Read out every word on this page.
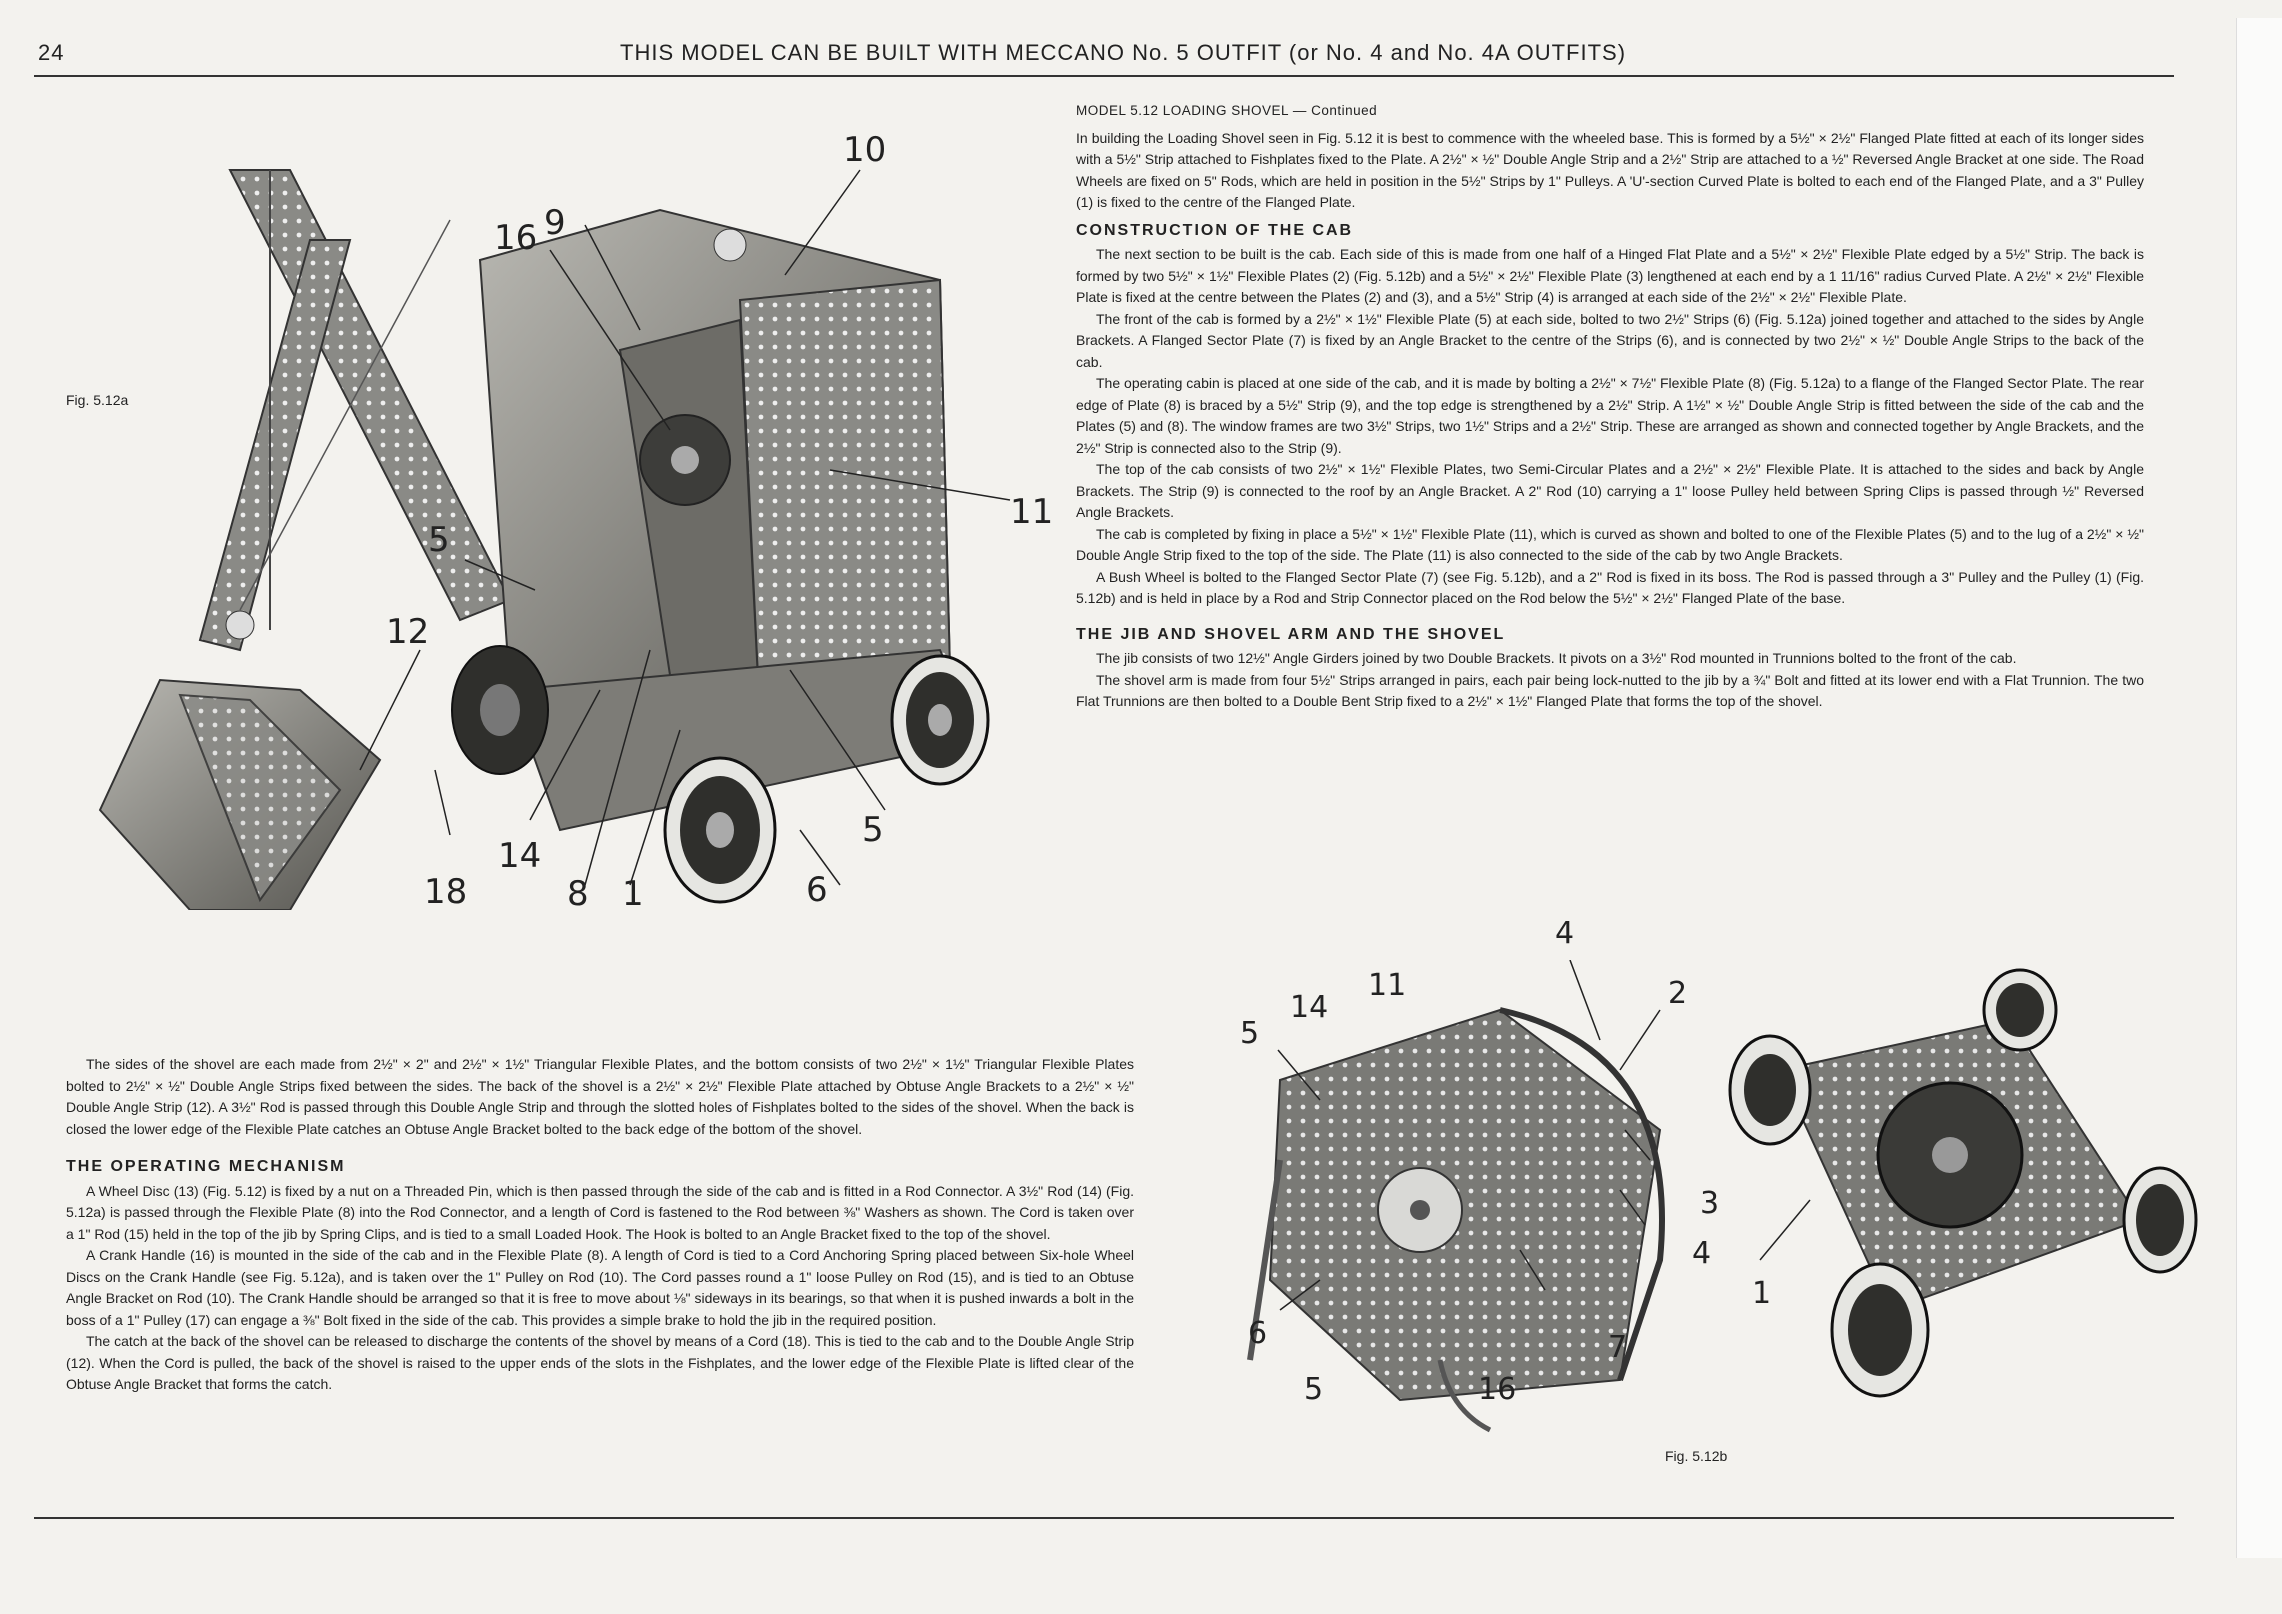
24	THIS MODEL CAN BE BUILT WITH MECCANO No. 5 OUTFIT (or No. 4 and No. 4A OUTFITS)
Fig. 5.12a
10
16 9
11
5
12
5
18
14
8 1	6
MODEL 5.12 LOADING SHOVEL — Continued

In building the Loading Shovel seen in Fig. 5.12 it is best to commence with the wheeled base. This is formed by a 5½" × 2½" Flanged Plate fitted at each of its longer sides with a 5½" Strip attached to Fishplates fixed to the Plate. A 2½" × ½" Double Angle Strip and a 2½" Strip are attached to a ½" Reversed Angle Bracket at one side. The Road Wheels are fixed on 5" Rods, which are held in position in the 5½" Strips by 1" Pulleys. A 'U'-section Curved Plate is bolted to each end of the Flanged Plate, and a 3" Pulley (1) is fixed to the centre of the Flanged Plate.

CONSTRUCTION OF THE CAB

The next section to be built is the cab. Each side of this is made from one half of a Hinged Flat Plate and a 5½" × 2½" Flexible Plate edged by a 5½" Strip. The back is formed by two 5½" × 1½" Flexible Plates (2) (Fig. 5.12b) and a 5½" × 2½" Flexible Plate (3) lengthened at each end by a 1 11/16" radius Curved Plate. A 2½" × 2½" Flexible Plate is fixed at the centre between the Plates (2) and (3), and a 5½" Strip (4) is arranged at each side of the 2½" × 2½" Flexible Plate.

The front of the cab is formed by a 2½" × 1½" Flexible Plate (5) at each side, bolted to two 2½" Strips (6) (Fig. 5.12a) joined together and attached to the sides by Angle Brackets. A Flanged Sector Plate (7) is fixed by an Angle Bracket to the centre of the Strips (6), and is connected by two 2½" × ½" Double Angle Strips to the back of the cab.

The operating cabin is placed at one side of the cab, and it is made by bolting a 2½" × 7½" Flexible Plate (8) (Fig. 5.12a) to a flange of the Flanged Sector Plate. The rear edge of Plate (8) is braced by a 5½" Strip (9), and the top edge is strengthened by a 2½" Strip. A 1½" × ½" Double Angle Strip is fitted between the side of the cab and the Plates (5) and (8). The window frames are two 3½" Strips, two 1½" Strips and a 2½" Strip. These are arranged as shown and connected together by Angle Brackets, and the 2½" Strip is connected also to the Strip (9).

The top of the cab consists of two 2½" × 1½" Flexible Plates, two Semi-Circular Plates and a 2½" × 2½" Flexible Plate. It is attached to the sides and back by Angle Brackets. The Strip (9) is connected to the roof by an Angle Bracket. A 2" Rod (10) carrying a 1" loose Pulley held between Spring Clips is passed through ½" Reversed Angle Brackets.

The cab is completed by fixing in place a 5½" × 1½" Flexible Plate (11), which is curved as shown and bolted to one of the Flexible Plates (5) and to the lug of a 2½" × ½" Double Angle Strip fixed to the top of the side. The Plate (11) is also connected to the side of the cab by two Angle Brackets.

A Bush Wheel is bolted to the Flanged Sector Plate (7) (see Fig. 5.12b), and a 2" Rod is fixed in its boss. The Rod is passed through a 3" Pulley and the Pulley (1) (Fig. 5.12b) and is held in place by a Rod and Strip Connector placed on the Rod below the 5½" × 2½" Flanged Plate of the base.

THE JIB AND SHOVEL ARM AND THE SHOVEL

The jib consists of two 12½" Angle Girders joined by two Double Brackets. It pivots on a 3½" Rod mounted in Trunnions bolted to the front of the cab.

The shovel arm is made from four 5½" Strips arranged in pairs, each pair being lock-nutted to the jib by a ¾" Bolt and fitted at its lower end with a Flat Trunnion. The two Flat Trunnions are then bolted to a Double Bent Strip fixed to a 2½" × 1½" Flanged Plate that forms the top of the shovel.

The sides of the shovel are each made from 2½" × 2" and 2½" × 1½" Triangular Flexible Plates, and the bottom consists of two 2½" × 1½" Triangular Flexible Plates bolted to 2½" × ½" Double Angle Strips fixed between the sides. The back of the shovel is a 2½" × 2½" Flexible Plate attached by Obtuse Angle Brackets to a 2½" × ½" Double Angle Strip (12). A 3½" Rod is passed through this Double Angle Strip and through the slotted holes of Fishplates bolted to the sides of the shovel. When the back is closed the lower edge of the Flexible Plate catches an Obtuse Angle Bracket bolted to the back edge of the bottom of the shovel.

THE OPERATING MECHANISM

A Wheel Disc (13) (Fig. 5.12) is fixed by a nut on a Threaded Pin, which is then passed through the side of the cab and is fitted in a Rod Connector. A 3½" Rod (14) (Fig. 5.12a) is passed through the Flexible Plate (8) into the Rod Connector, and a length of Cord is fastened to the Rod between ⅜" Washers as shown. The Cord is taken over a 1" Rod (15) held in the top of the jib by Spring Clips, and is tied to a small Loaded Hook. The Hook is bolted to an Angle Bracket fixed to the top of the shovel.

A Crank Handle (16) is mounted in the side of the cab and in the Flexible Plate (8). A length of Cord is tied to a Cord Anchoring Spring placed between Six-hole Wheel Discs on the Crank Handle (see Fig. 5.12a), and is taken over the 1" Pulley on Rod (10). The Cord passes round a 1" loose Pulley on Rod (15), and is tied to an Obtuse Angle Bracket on Rod (10). The Crank Handle should be arranged so that it is free to move about ⅛" sideways in its bearings, so that when it is pushed inwards a bolt in the boss of a 1" Pulley (17) can engage a ⅜" Bolt fixed in the side of the cab. This provides a simple brake to hold the jib in the required position.

The catch at the back of the shovel can be released to discharge the contents of the shovel by means of a Cord (18). This is tied to the cab and to the Double Angle Strip (12). When the Cord is pulled, the back of the shovel is raised to the upper ends of the slots in the Fishplates, and the lower edge of the Flexible Plate is lifted clear of the Obtuse Angle Bracket that forms the catch.

4
14
11	2
5
3
4
6	7
5	16
1
Fig. 5.12b
